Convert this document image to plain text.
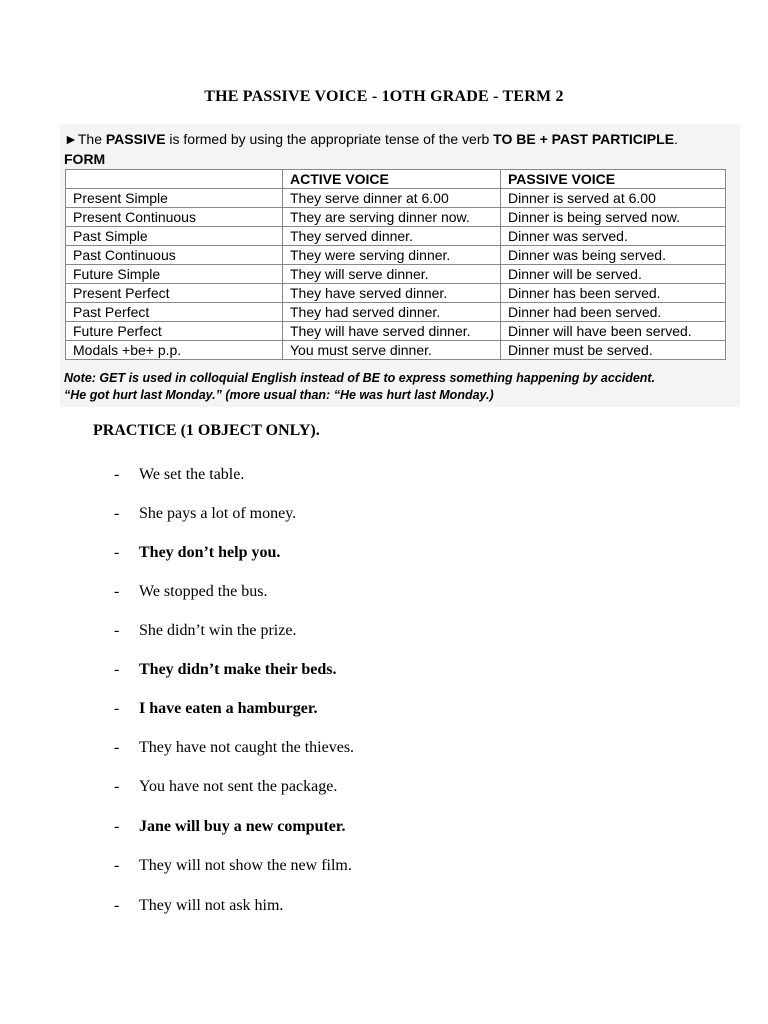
THE PASSIVE VOICE - 1OTH GRADE - TERM 2
►The PASSIVE is formed by using the appropriate tense of the verb TO BE + PAST PARTICIPLE.
FORM
	ACTIVE VOICE	PASSIVE VOICE
Present Simple	They serve dinner at 6.00	Dinner is served at 6.00
Present Continuous	They are serving dinner now.	Dinner is being served now.
Past Simple	They served dinner.	Dinner was served.
Past Continuous	They were serving dinner.	Dinner was being served.
Future Simple	They will serve dinner.	Dinner will be served.
Present Perfect	They have served dinner.	Dinner has been served.
Past Perfect	They had served dinner.	Dinner had been served.
Future Perfect	They will have served dinner.	Dinner will have been served.
Modals +be+ p.p.	You must serve dinner.	Dinner must be served.
Note: GET is used in colloquial English instead of BE to express something happening by accident.
“He got hurt last Monday.” (more usual than: “He was hurt last Monday.)
PRACTICE (1 OBJECT ONLY).
- We set the table.
- She pays a lot of money.
- They don’t help you.
- We stopped the bus.
- She didn’t win the prize.
- They didn’t make their beds.
- I have eaten a hamburger.
- They have not caught the thieves.
- You have not sent the package.
- Jane will buy a new computer.
- They will not show the new film.
- They will not ask him.
